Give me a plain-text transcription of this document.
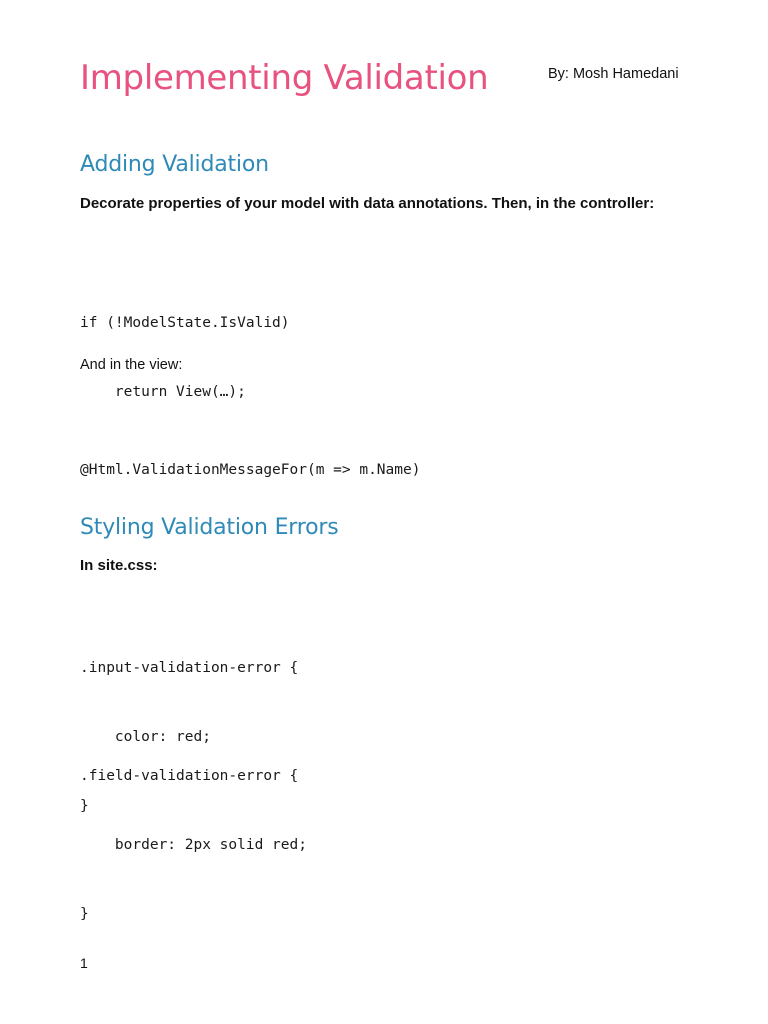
Implementing Validation	By: Mosh Hamedani
Adding Validation

Decorate properties of your model with data annotations. Then, in the controller:

if (!ModelState.IsValid)

return View(…);

And in the view:

@Html.ValidationMessageFor(m => m.Name)

Styling Validation Errors

In site.css:

.input-validation-error {

color: red;

}

.field-validation-error {

border: 2px solid red;

}

1
